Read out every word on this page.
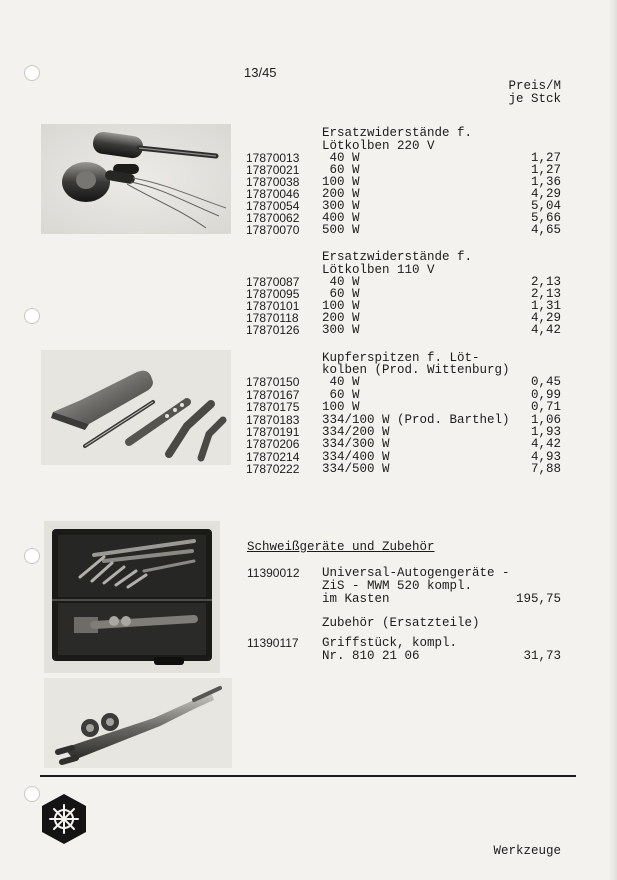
13/45
Preis/M
je Stck
Ersatzwiderstände f.
Lötkolben 220 V
17870013 40 W	1,27
17870021 60 W	1,27
17870038 100 W	1,36
17870046 200 W	4,29
17870054 300 W	5,04
17870062 400 W	5,66
17870070 500 W	4,65
Ersatzwiderstände f.
Lötkolben 110 V
17870087 40 W	2,13
17870095 60 W	2,13
17870101 100 W	1,31
17870118 200 W	4,29
17870126 300 W	4,42
Kupferspitzen f. Löt-
kolben (Prod. Wittenburg)
17870150 40 W	0,45
17870167 60 W	0,99
17870175 100 W	0,71
17870183 334/100 W (Prod. Barthel) 1,06
17870191 334/200 W	1,93
17870206 334/300 W	4,42
17870214 334/400 W	4,93
17870222 334/500 W	7,88
Schweißgeräte und Zubehör
11390012 Universal-Autogengeräte -
ZiS - MWM 520 kompl.
im Kasten	195,75
Zubehör (Ersatzteile)
11390117 Griffstück, kompl.
Nr. 810 21 06	31,73
Werkzeuge
